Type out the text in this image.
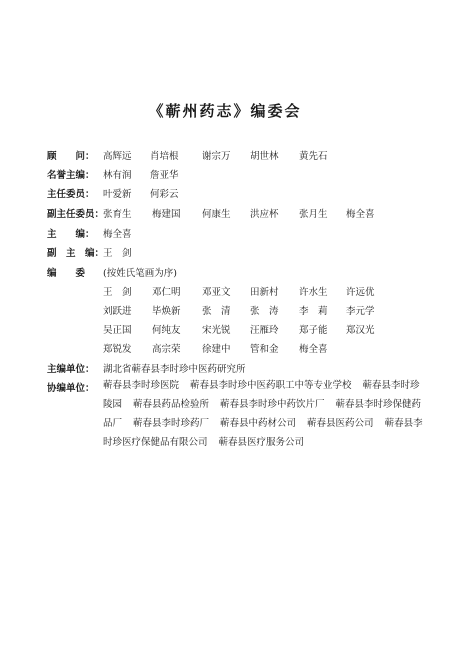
《蕲州药志》编委会
顾　　问： 高辉远 肖培根 谢宗万 胡世林 黄先石
名誉主编： 林有润 詹亚华
主任委员： 叶爱新 何彩云
副主任委员：
张育生 梅建国 何康生 洪应杯 张月生 梅全喜
主　　编： 梅全喜
副　主　编：
王　剑
编　　委 (按姓氏笔画为序)
王　剑 邓仁明 邓亚文 田新村 许水生 许远优
刘跃进 毕焕新 张　清 张　涛 李　莉 李元学
吴正国 何纯友 宋光锐 汪雁玲 郑子能 郑汉光
郑锐发 高宗荣 徐建中 管和金 梅全喜
主编单位： 湖北省蕲春县李时珍中医药研究所
协编单位： 蕲春县李时珍医院 蕲春县李时珍中医药职工中等专业学校 蕲春县李时珍陵园 蕲春县药品检验所 蕲春县李时珍中药饮片厂 蕲春县李时珍保健药品厂 蕲春县李时珍药厂 蕲春县中药材公司 蕲春县医药公司 蕲春县李时珍医疗保健品有限公司 蕲春县医疗服务公司
